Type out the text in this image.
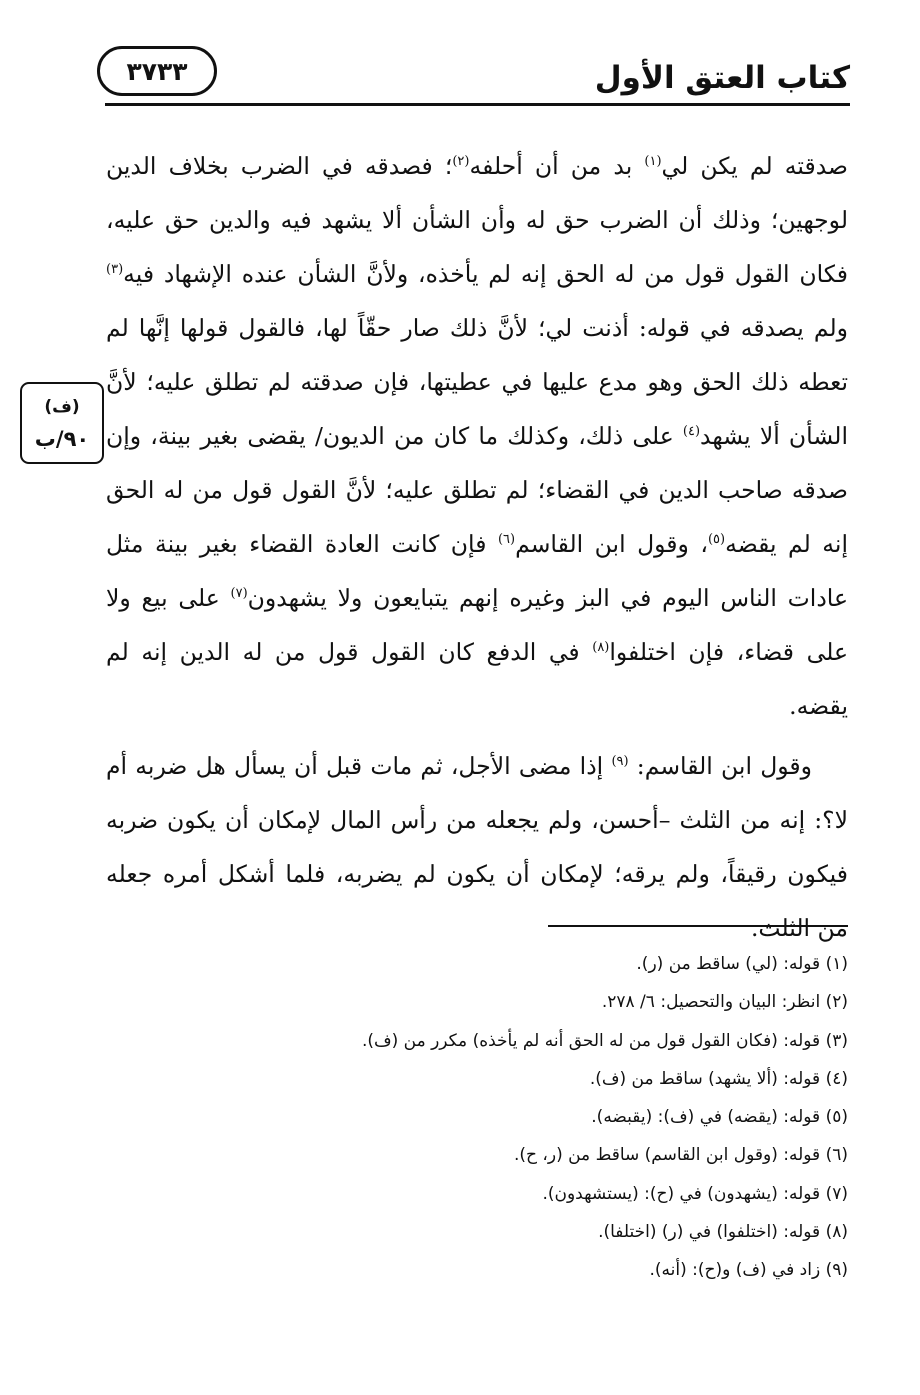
٣٧٣٣	كتاب العتق الأول
(ف)
٩٠/ب

صدقته لم يكن لي$^{(١)}$ بد من أن أحلفه$^{(٢)}$؛ فصدقه في الضرب بخلاف الدين لوجهين؛ وذلك أن الضرب حق له وأن الشأن ألا يشهد فيه والدين حق عليه، فكان القول قول من له الحق إنه لم يأخذه، ولأنَّ الشأن عنده الإشهاد فيه$^{(٣)}$ ولم يصدقه في قوله: أذنت لي؛ لأنَّ ذلك صار حقّاً لها، فالقول قولها إنَّها لم تعطه ذلك الحق وهو مدع عليها في عطيتها، فإن صدقته لم تطلق عليه؛ لأنَّ الشأن ألا يشهد$^{(٤)}$ على ذلك، وكذلك ما كان من الديون/ يقضى بغير بينة، وإن صدقه صاحب الدين في القضاء؛ لم تطلق عليه؛ لأنَّ القول قول من له الحق إنه لم يقضه$^{(٥)}$، وقول ابن القاسم$^{(٦)}$ فإن كانت العادة القضاء بغير بينة مثل عادات الناس اليوم في البز وغيره إنهم يتبايعون ولا يشهدون$^{(٧)}$ على بيع ولا على قضاء، فإن اختلفوا$^{(٨)}$ في الدفع كان القول قول من له الدين إنه لم يقضه.

وقول ابن القاسم: $^{(٩)}$ إذا مضى الأجل، ثم مات قبل أن يسأل هل ضربه أم لا؟: إنه من الثلث –أحسن، ولم يجعله من رأس المال لإمكان أن يكون ضربه فيكون رقيقاً، ولم يرقه؛ لإمكان أن يكون لم يضربه، فلما أشكل أمره جعله من الثلث.

(١) قوله: (لي) ساقط من (ر).
(٢) انظر: البيان والتحصيل: ٦/ ٢٧٨.
(٣) قوله: (فكان القول قول من له الحق أنه لم يأخذه) مكرر من (ف).
(٤) قوله: (ألا يشهد) ساقط من (ف).
(٥) قوله: (يقضه) في (ف): (يقبضه).
(٦) قوله: (وقول ابن القاسم) ساقط من (ر، ح).
(٧) قوله: (يشهدون) في (ح): (يستشهدون).
(٨) قوله: (اختلفوا) في (ر) (اختلفا).
(٩) زاد في (ف) و(ح): (أنه).
